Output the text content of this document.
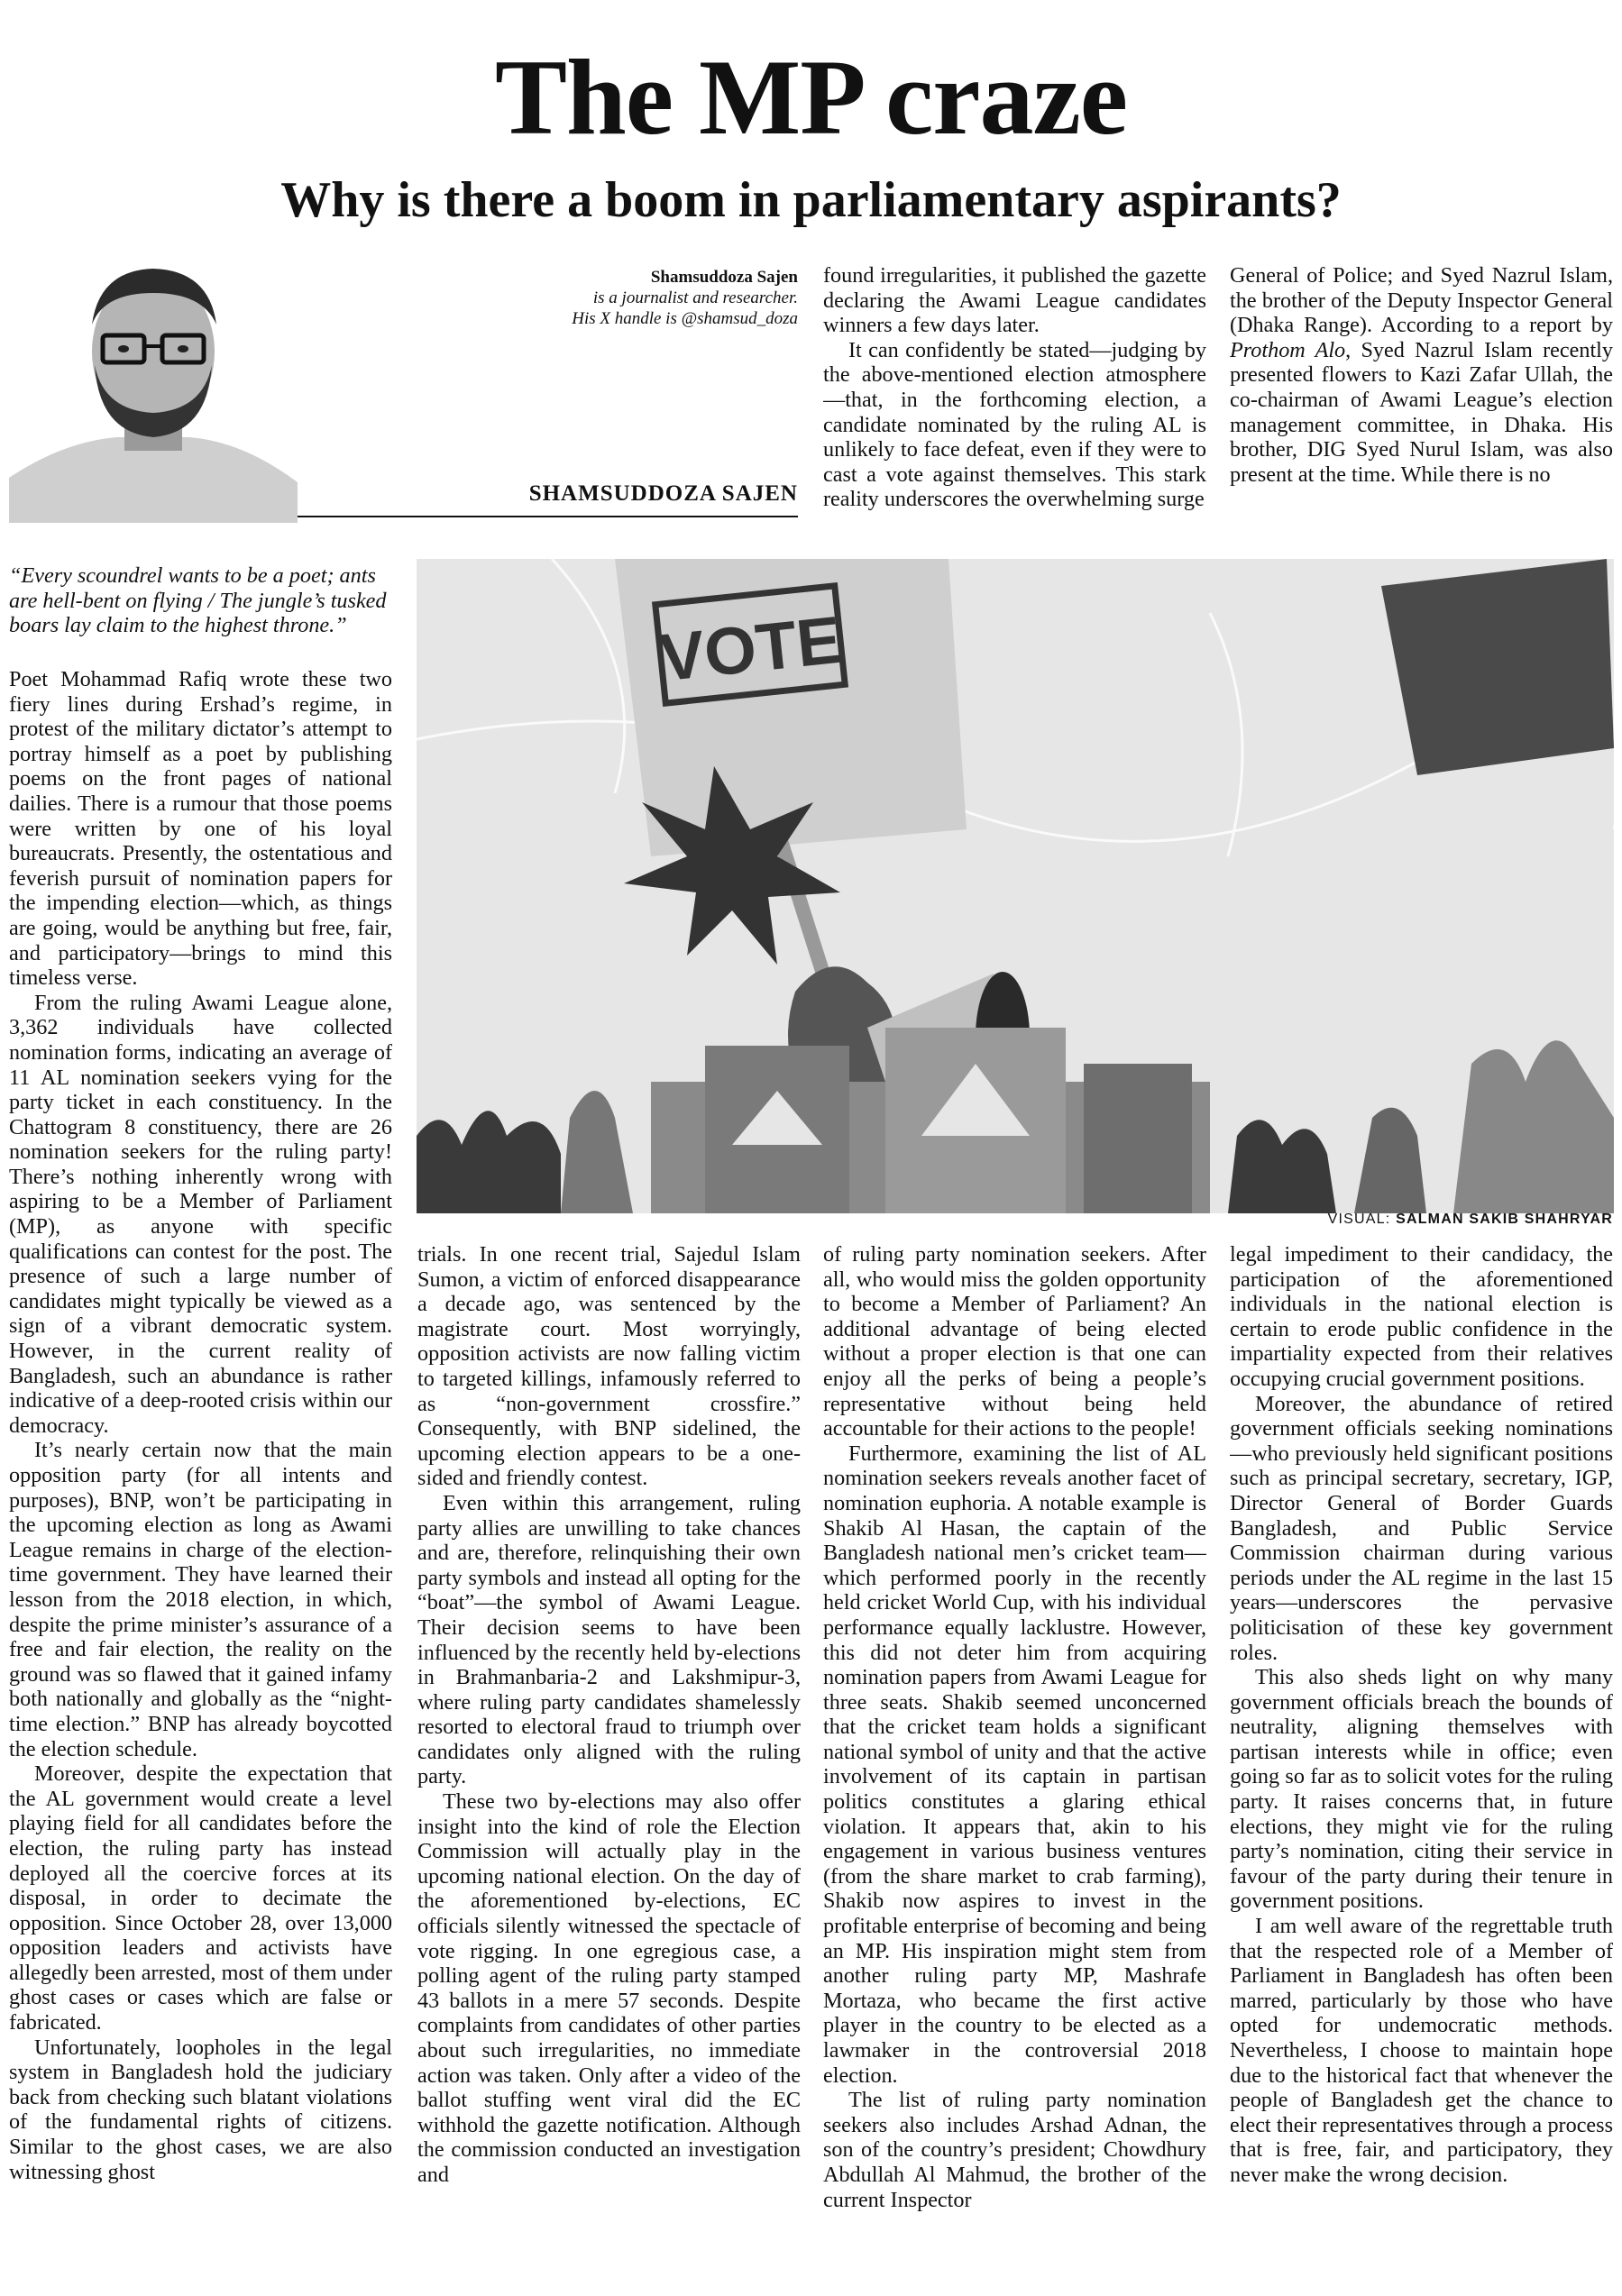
The MP craze
Why is there a boom in parliamentary aspirants?
Shamsuddoza Sajen
is a journalist and researcher.
His X handle is @shamsud_doza
SHAMSUDDOZA SAJEN
“Every scoundrel wants to be a poet; ants are hell-bent on flying / The jungle’s tusked boars lay claim to the highest throne.”	VOTE
VISUAL: SALMAN SAKIB SHAHRYAR

Poet Mohammad Rafiq wrote these two fiery lines during Ershad’s regime, in protest of the military dictator’s attempt to portray himself as a poet by publishing poems on the front pages of national dailies. There is a rumour that those poems were written by one of his loyal bureaucrats. Presently, the ostentatious and feverish pursuit of nomination papers for the impending election—which, as things are going, would be anything but free, fair, and participatory—brings to mind this timeless verse.

From the ruling Awami League alone, 3,362 individuals have collected nomination forms, indicating an average of 11 AL nomination seekers vying for the party ticket in each constituency. In the Chattogram 8 constituency, there are 26 nomination seekers for the ruling party! There’s nothing inherently wrong with aspiring to be a Member of Parliament (MP), as anyone with specific qualifications can contest for the post. The presence of such a large number of candidates might typically be viewed as a sign of a vibrant democratic system. However, in the current reality of Bangladesh, such an abundance is rather indicative of a deep-rooted crisis within our democracy.

It’s nearly certain now that the main opposition party (for all intents and purposes), BNP, won’t be participating in the upcoming election as long as Awami League remains in charge of the election-time government. They have learned their lesson from the 2018 election, in which, despite the prime minister’s assurance of a free and fair election, the reality on the ground was so flawed that it gained infamy both nationally and globally as the “night-time election.” BNP has already boycotted the election schedule.

Moreover, despite the expectation that the AL government would create a level playing field for all candidates before the election, the ruling party has instead deployed all the coercive forces at its disposal, in order to decimate the opposition. Since October 28, over 13,000 opposition leaders and activists have allegedly been arrested, most of them under ghost cases or cases which are false or fabricated.

Unfortunately, loopholes in the legal system in Bangladesh hold the judiciary back from checking such blatant violations of the fundamental rights of citizens. Similar to the ghost cases, we are also witnessing ghost

trials. In one recent trial, Sajedul Islam Sumon, a victim of enforced disappearance a decade ago, was sentenced by the magistrate court. Most worryingly, opposition activists are now falling victim to targeted killings, infamously referred to as “non-government crossfire.” Consequently, with BNP sidelined, the upcoming election appears to be a one-sided and friendly contest.

Even within this arrangement, ruling party allies are unwilling to take chances and are, therefore, relinquishing their own party symbols and instead all opting for the “boat”—the symbol of Awami League. Their decision seems to have been influenced by the recently held by-elections in Brahmanbaria-2 and Lakshmipur-3, where ruling party candidates shamelessly resorted to electoral fraud to triumph over candidates only aligned with the ruling party.

These two by-elections may also offer insight into the kind of role the Election Commission will actually play in the upcoming national election. On the day of the aforementioned by-elections, EC officials silently witnessed the spectacle of vote rigging. In one egregious case, a polling agent of the ruling party stamped 43 ballots in a mere 57 seconds. Despite complaints from candidates of other parties about such irregularities, no immediate action was taken. Only after a video of the ballot stuffing went viral did the EC withhold the gazette notification. Although the commission conducted an investigation and

found irregularities, it published the gazette declaring the Awami League candidates winners a few days later.

It can confidently be stated—judging by the above-mentioned election atmosphere—that, in the forthcoming election, a candidate nominated by the ruling AL is unlikely to face defeat, even if they were to cast a vote against themselves. This stark reality underscores the overwhelming surge

of ruling party nomination seekers. After all, who would miss the golden opportunity to become a Member of Parliament? An additional advantage of being elected without a proper election is that one can enjoy all the perks of being a people’s representative without being held accountable for their actions to the people!

Furthermore, examining the list of AL nomination seekers reveals another facet of nomination euphoria. A notable example is Shakib Al Hasan, the captain of the Bangladesh national men’s cricket team—which performed poorly in the recently held cricket World Cup, with his individual performance equally lacklustre. However, this did not deter him from acquiring nomination papers from Awami League for three seats. Shakib seemed unconcerned that the cricket team holds a significant national symbol of unity and that the active involvement of its captain in partisan politics constitutes a glaring ethical violation. It appears that, akin to his engagement in various business ventures (from the share market to crab farming), Shakib now aspires to invest in the profitable enterprise of becoming and being an MP. His inspiration might stem from another ruling party MP, Mashrafe Mortaza, who became the first active player in the country to be elected as a lawmaker in the controversial 2018 election.

The list of ruling party nomination seekers also includes Arshad Adnan, the son of the country’s president; Chowdhury Abdullah Al Mahmud, the brother of the current Inspector

General of Police; and Syed Nazrul Islam, the brother of the Deputy Inspector General (Dhaka Range). According to a report by Prothom Alo, Syed Nazrul Islam recently presented flowers to Kazi Zafar Ullah, the co-chairman of Awami League’s election management committee, in Dhaka. His brother, DIG Syed Nurul Islam, was also present at the time. While there is no

legal impediment to their candidacy, the participation of the aforementioned individuals in the national election is certain to erode public confidence in the impartiality expected from their relatives occupying crucial government positions.

Moreover, the abundance of retired government officials seeking nominations—who previously held significant positions such as principal secretary, secretary, IGP, Director General of Border Guards Bangladesh, and Public Service Commission chairman during various periods under the AL regime in the last 15 years—underscores the pervasive politicisation of these key government roles.

This also sheds light on why many government officials breach the bounds of neutrality, aligning themselves with partisan interests while in office; even going so far as to solicit votes for the ruling party. It raises concerns that, in future elections, they might vie for the ruling party’s nomination, citing their service in favour of the party during their tenure in government positions.

I am well aware of the regrettable truth that the respected role of a Member of Parliament in Bangladesh has often been marred, particularly by those who have opted for undemocratic methods. Nevertheless, I choose to maintain hope due to the historical fact that whenever the people of Bangladesh get the chance to elect their representatives through a process that is free, fair, and participatory, they never make the wrong decision.
